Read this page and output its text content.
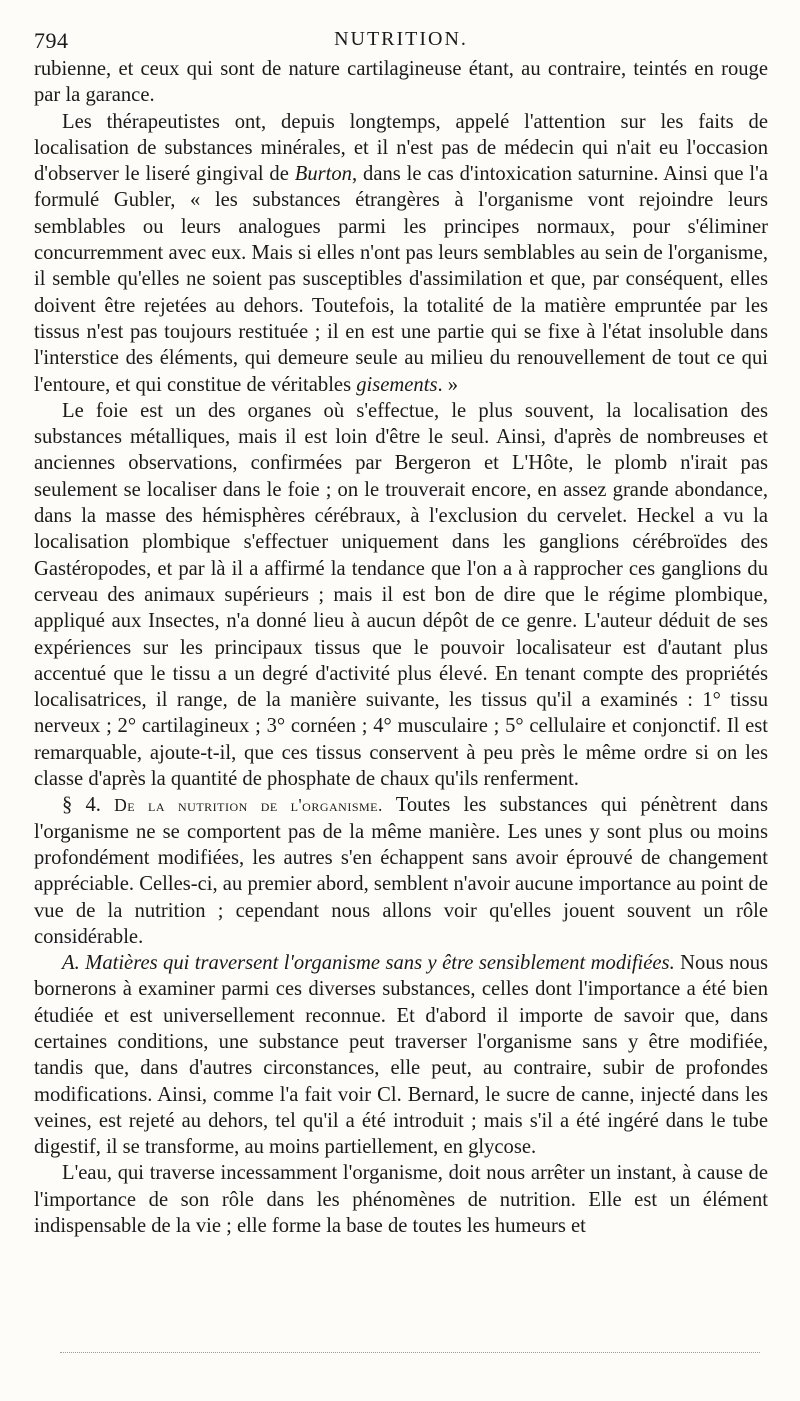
794	NUTRITION.

rubienne, et ceux qui sont de nature cartilagineuse étant, au contraire, teintés en rouge par la garance.

Les thérapeutistes ont, depuis longtemps, appelé l'attention sur les faits de localisation de substances minérales, et il n'est pas de médecin qui n'ait eu l'occasion d'observer le liseré gingival de Burton, dans le cas d'intoxication saturnine. Ainsi que l'a formulé Gubler, « les substances étrangères à l'organisme vont rejoindre leurs semblables ou leurs analogues parmi les principes normaux, pour s'éliminer concurremment avec eux. Mais si elles n'ont pas leurs semblables au sein de l'organisme, il semble qu'elles ne soient pas susceptibles d'assimilation et que, par conséquent, elles doivent être rejetées au dehors. Toutefois, la totalité de la matière empruntée par les tissus n'est pas toujours restituée ; il en est une partie qui se fixe à l'état insoluble dans l'interstice des éléments, qui demeure seule au milieu du renouvellement de tout ce qui l'entoure, et qui constitue de véritables gisements. »

Le foie est un des organes où s'effectue, le plus souvent, la localisation des substances métalliques, mais il est loin d'être le seul. Ainsi, d'après de nombreuses et anciennes observations, confirmées par Bergeron et L'Hôte, le plomb n'irait pas seulement se localiser dans le foie ; on le trouverait encore, en assez grande abondance, dans la masse des hémisphères cérébraux, à l'exclusion du cervelet. Heckel a vu la localisation plombique s'effectuer uniquement dans les ganglions cérébroïdes des Gastéropodes, et par là il a affirmé la tendance que l'on a à rapprocher ces ganglions du cerveau des animaux supérieurs ; mais il est bon de dire que le régime plombique, appliqué aux Insectes, n'a donné lieu à aucun dépôt de ce genre. L'auteur déduit de ses expériences sur les principaux tissus que le pouvoir localisateur est d'autant plus accentué que le tissu a un degré d'activité plus élevé. En tenant compte des propriétés localisatrices, il range, de la manière suivante, les tissus qu'il a examinés : 1° tissu nerveux ; 2° cartilagineux ; 3° cornéen ; 4° musculaire ; 5° cellulaire et conjonctif. Il est remarquable, ajoute-t-il, que ces tissus conservent à peu près le même ordre si on les classe d'après la quantité de phosphate de chaux qu'ils renferment.

§ 4. De la nutrition de l'organisme. Toutes les substances qui pénètrent dans l'organisme ne se comportent pas de la même manière. Les unes y sont plus ou moins profondément modifiées, les autres s'en échappent sans avoir éprouvé de changement appréciable. Celles-ci, au premier abord, semblent n'avoir aucune importance au point de vue de la nutrition ; cependant nous allons voir qu'elles jouent souvent un rôle considérable.

A. Matières qui traversent l'organisme sans y être sensiblement modifiées. Nous nous bornerons à examiner parmi ces diverses substances, celles dont l'importance a été bien étudiée et est universellement reconnue. Et d'abord il importe de savoir que, dans certaines conditions, une substance peut traverser l'organisme sans y être modifiée, tandis que, dans d'autres circonstances, elle peut, au contraire, subir de profondes modifications. Ainsi, comme l'a fait voir Cl. Bernard, le sucre de canne, injecté dans les veines, est rejeté au dehors, tel qu'il a été introduit ; mais s'il a été ingéré dans le tube digestif, il se transforme, au moins partiellement, en glycose.

L'eau, qui traverse incessamment l'organisme, doit nous arrêter un instant, à cause de l'importance de son rôle dans les phénomènes de nutrition. Elle est un élément indispensable de la vie ; elle forme la base de toutes les humeurs et
